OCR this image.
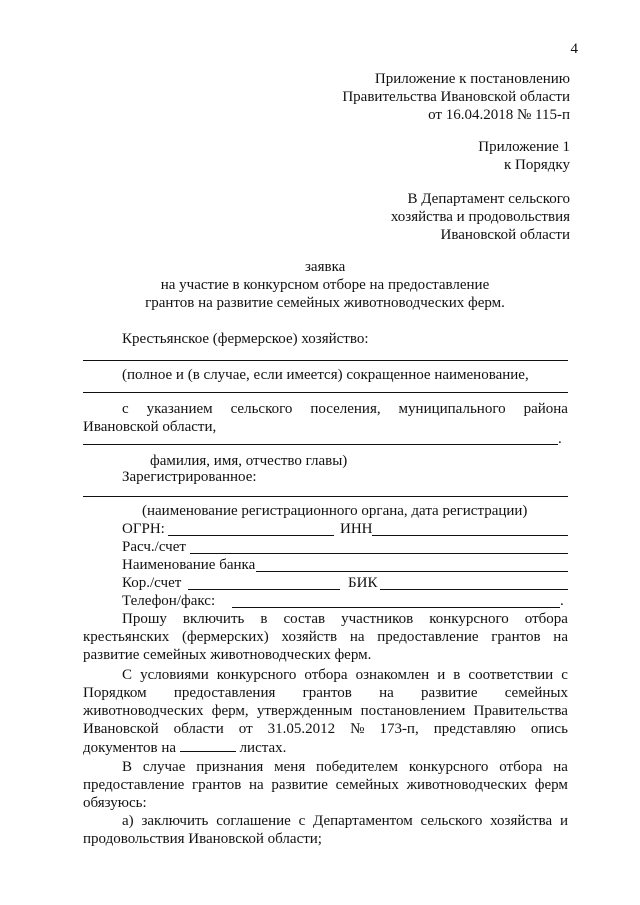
4
Приложение к постановлению
Правительства Ивановской области
от 16.04.2018 № 115-п
Приложение 1
к Порядку
В Департамент сельского
хозяйства и продовольствия
Ивановской области
заявка
на участие в конкурсном отборе на предоставление
грантов на развитие семейных животноводческих ферм.
Крестьянское (фермерское) хозяйство:
(полное и (в случае, если имеется) сокращенное наименование,
с указанием сельского поселения, муниципального района
Ивановской области,
.
фамилия, имя, отчество главы)
Зарегистрированное:
(наименование регистрационного органа, дата регистрации)
ОГРН:	ИНН
Расч./счет
Наименование банка
Кор./счет	БИК
Телефон/факс:	.
Прошу включить в состав участников конкурсного отбора
крестьянских (фермерских) хозяйств на предоставление грантов на
развитие семейных животноводческих ферм.
С условиями конкурсного отбора ознакомлен и в соответствии с
Порядком предоставления грантов на развитие семейных
животноводческих ферм, утвержденным постановлением Правительства
Ивановской области от 31.05.2012 № 173-п, представляю опись
документов на	листах.
В случае признания меня победителем конкурсного отбора на
предоставление грантов на развитие семейных животноводческих ферм
обязуюсь:
а) заключить соглашение с Департаментом сельского хозяйства и
продовольствия Ивановской области;
